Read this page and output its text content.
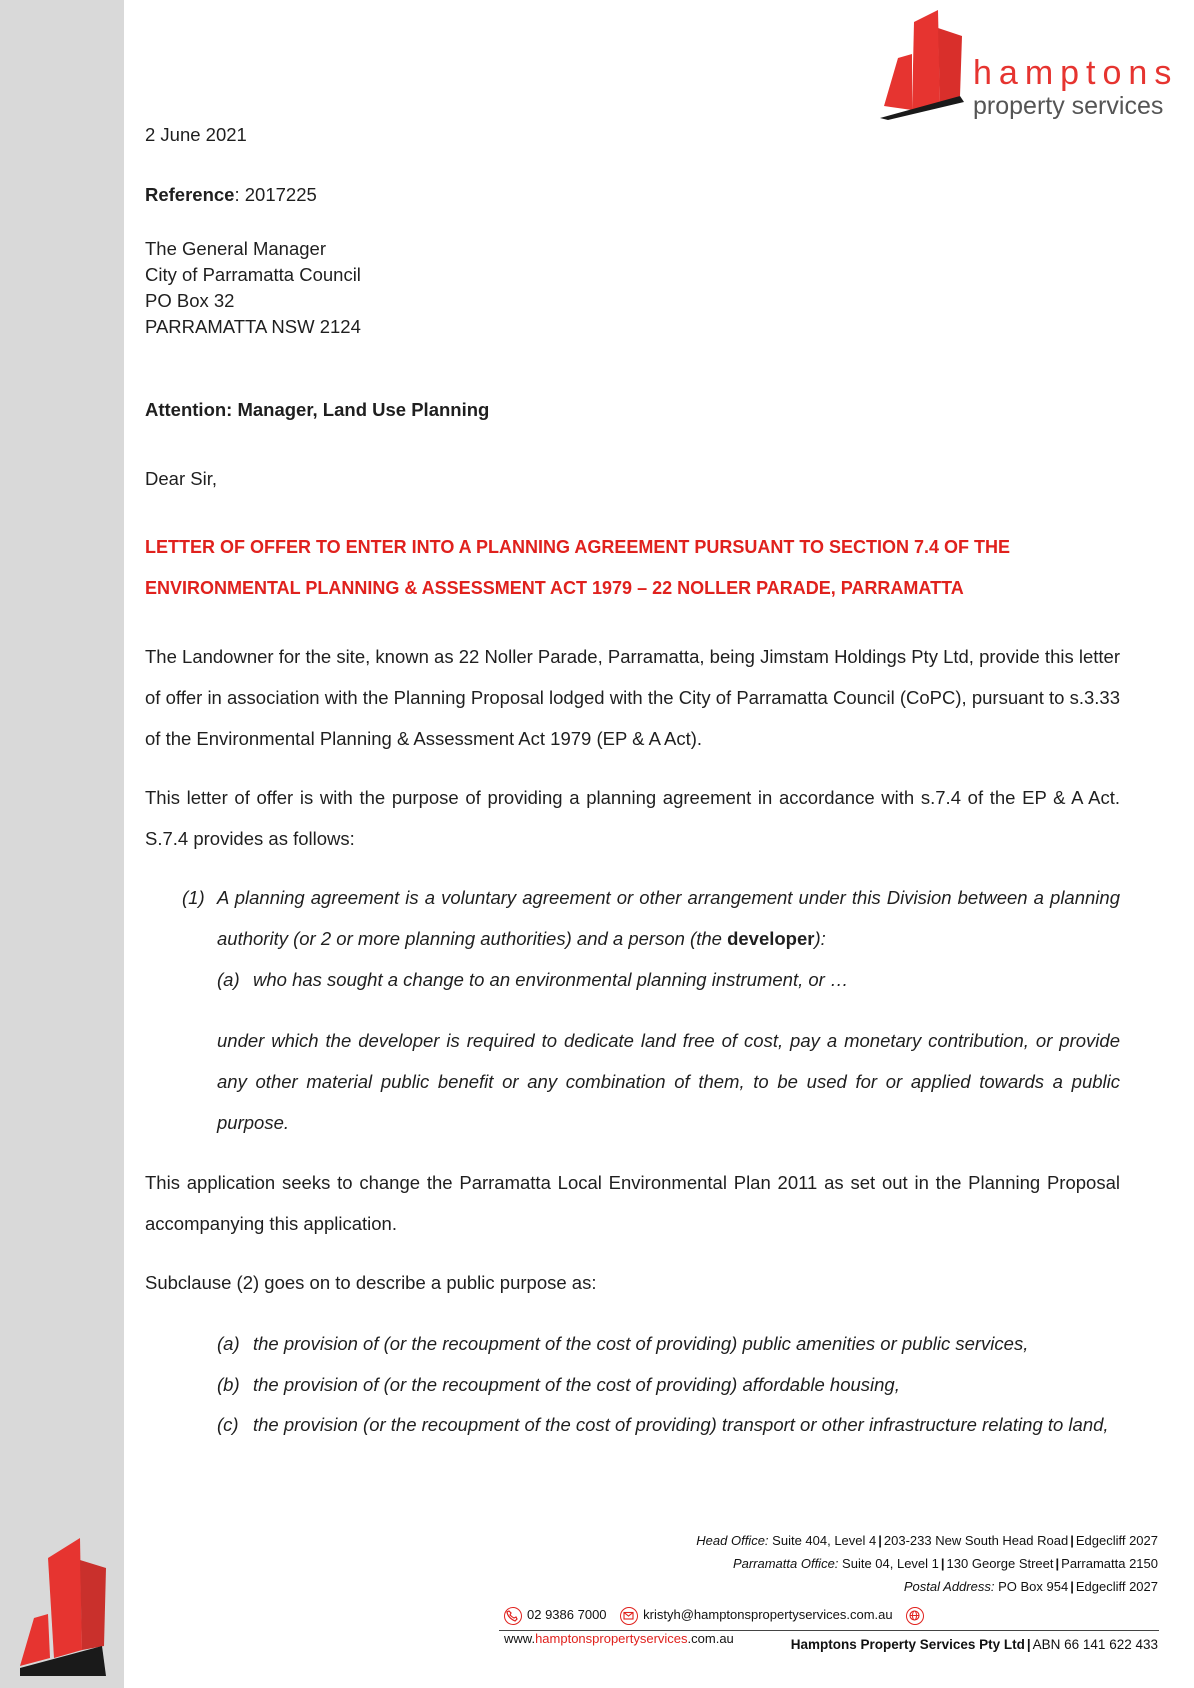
hamptons
property services
2 June 2021
Reference: 2017225
The General Manager
City of Parramatta Council
PO Box 32
PARRAMATTA NSW 2124
Attention: Manager, Land Use Planning
Dear Sir,
LETTER OF OFFER TO ENTER INTO A PLANNING AGREEMENT PURSUANT TO SECTION 7.4 OF THE
ENVIRONMENTAL PLANNING & ASSESSMENT ACT 1979 – 22 NOLLER PARADE, PARRAMATTA
The Landowner for the site, known as 22 Noller Parade, Parramatta, being Jimstam Holdings Pty Ltd, provide this letter of offer in association with the Planning Proposal lodged with the City of Parramatta Council (CoPC), pursuant to s.3.33 of the Environmental Planning & Assessment Act 1979 (EP & A Act).
This letter of offer is with the purpose of providing a planning agreement in accordance with s.7.4 of the EP & A Act. S.7.4 provides as follows:
(1) A planning agreement is a voluntary agreement or other arrangement under this Division between a planning authority (or 2 or more planning authorities) and a person (the developer):
(a) who has sought a change to an environmental planning instrument, or …
under which the developer is required to dedicate land free of cost, pay a monetary contribution, or provide any other material public benefit or any combination of them, to be used for or applied towards a public purpose.
This application seeks to change the Parramatta Local Environmental Plan 2011 as set out in the Planning Proposal accompanying this application.
Subclause (2) goes on to describe a public purpose as:
(a) the provision of (or the recoupment of the cost of providing) public amenities or public services,
(b) the provision of (or the recoupment of the cost of providing) affordable housing,
(c) the provision (or the recoupment of the cost of providing) transport or other infrastructure relating to land,
Head Office: Suite 404, Level 4 | 203-233 New South Head Road | Edgecliff 2027
Parramatta Office: Suite 04, Level 1 | 130 George Street | Parramatta 2150
Postal Address: PO Box 954 | Edgecliff 2027
02 9386 7000	kristyh@hamptonspropertyservices.com.au
www.hamptonspropertyservices.com.au	Hamptons Property Services Pty Ltd | ABN 66 141 622 433
